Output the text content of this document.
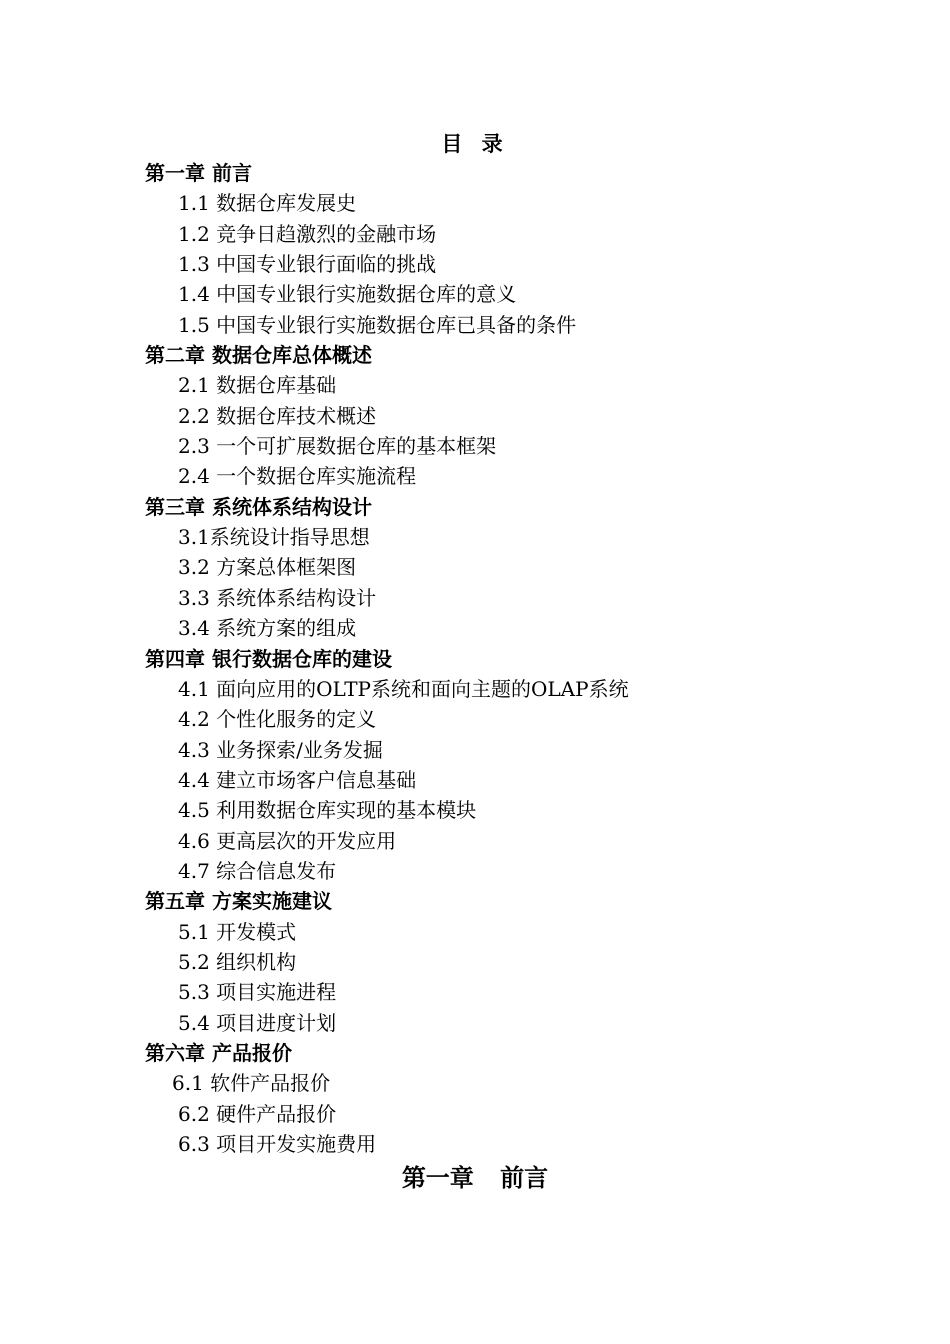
目 录
第一章 前言
1.1 数据仓库发展史
1.2 竞争日趋激烈的金融市场
1.3 中国专业银行面临的挑战
1.4 中国专业银行实施数据仓库的意义
1.5 中国专业银行实施数据仓库已具备的条件
第二章 数据仓库总体概述
2.1 数据仓库基础
2.2 数据仓库技术概述
2.3 一个可扩展数据仓库的基本框架
2.4 一个数据仓库实施流程
第三章 系统体系结构设计
3.1系统设计指导思想
3.2 方案总体框架图
3.3 系统体系结构设计
3.4 系统方案的组成
第四章 银行数据仓库的建设
4.1 面向应用的OLTP系统和面向主题的OLAP系统
4.2 个性化服务的定义
4.3 业务探索/业务发掘
4.4 建立市场客户信息基础
4.5 利用数据仓库实现的基本模块
4.6 更高层次的开发应用
4.7 综合信息发布
第五章 方案实施建议
5.1 开发模式
5.2 组织机构
5.3 项目实施进程
5.4 项目进度计划
第六章 产品报价
6.1 软件产品报价
6.2 硬件产品报价
6.3 项目开发实施费用
第一章 前言
